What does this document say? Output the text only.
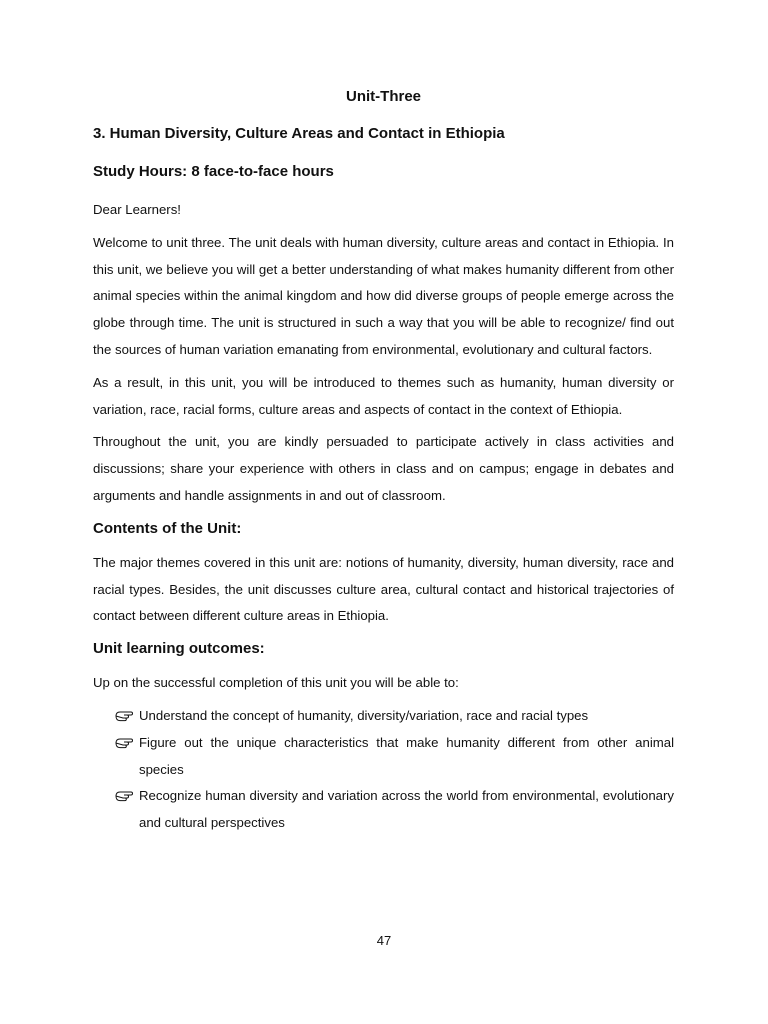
Unit-Three
3. Human Diversity, Culture Areas and Contact in Ethiopia
Study Hours: 8 face-to-face hours

Dear Learners!

Welcome to unit three. The unit deals with human diversity, culture areas and contact in Ethiopia. In this unit, we believe you will get a better understanding of what makes humanity different from other animal species within the animal kingdom and how did diverse groups of people emerge across the globe through time. The unit is structured in such a way that you will be able to recognize/ find out the sources of human variation emanating from environmental, evolutionary and cultural factors.

As a result, in this unit, you will be introduced to themes such as humanity, human diversity or variation, race, racial forms, culture areas and aspects of contact in the context of Ethiopia.

Throughout the unit, you are kindly persuaded to participate actively in class activities and discussions; share your experience with others in class and on campus; engage in debates and arguments and handle assignments in and out of classroom.

Contents of the Unit:

The major themes covered in this unit are: notions of humanity, diversity, human diversity, race and racial types. Besides, the unit discusses culture area, cultural contact and historical trajectories of contact between different culture areas in Ethiopia.

Unit learning outcomes:

Up on the successful completion of this unit you will be able to:

Understand the concept of humanity, diversity/variation, race and racial types
Figure out the unique characteristics that make humanity different from other animal species
Recognize human diversity and variation across the world from environmental, evolutionary and cultural perspectives
47
